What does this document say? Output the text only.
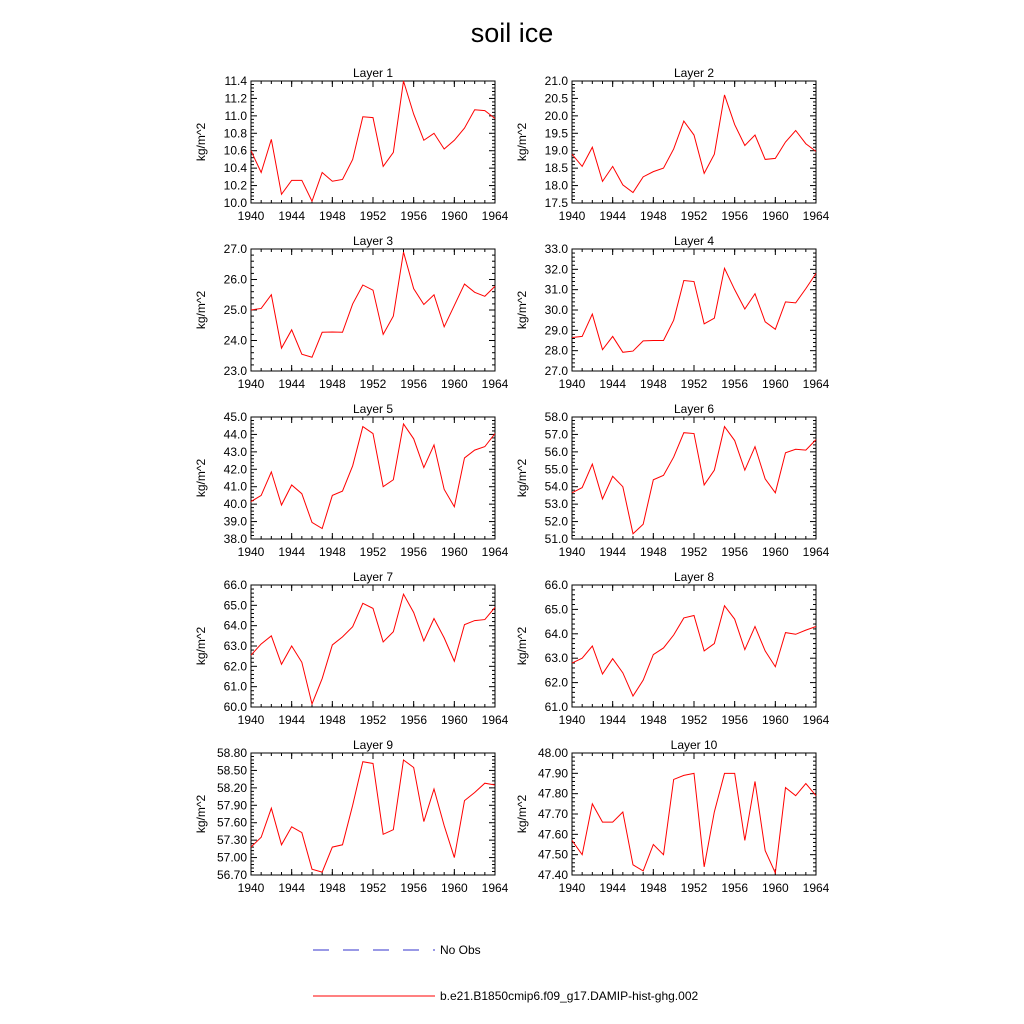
soil ice
Layer 1
kg/m^2
1940 1944 1948 1952 1956 1960 1964
10.0
10.2
10.4
10.6
10.8
11.0
11.2
11.4
Layer 2
kg/m^2
1940 1944 1948 1952 1956 1960 1964
17.5
18.0
18.5
19.0
19.5
20.0
20.5
21.0
Layer 3
kg/m^2
1940 1944 1948 1952 1956 1960 1964
23.0
24.0
25.0
26.0
27.0
Layer 4
kg/m^2
1940 1944 1948 1952 1956 1960 1964
27.0
28.0
29.0
30.0
31.0
32.0
33.0
Layer 5
kg/m^2
1940 1944 1948 1952 1956 1960 1964
38.0
39.0
40.0
41.0
42.0
43.0
44.0
45.0
Layer 6
kg/m^2
1940 1944 1948 1952 1956 1960 1964
51.0
52.0
53.0
54.0
55.0
56.0
57.0
58.0
Layer 7
kg/m^2
1940 1944 1948 1952 1956 1960 1964
60.0
61.0
62.0
63.0
64.0
65.0
66.0
Layer 8
kg/m^2
1940 1944 1948 1952 1956 1960 1964
61.0
62.0
63.0
64.0
65.0
66.0
Layer 9
kg/m^2
1940 1944 1948 1952 1956 1960 1964
56.70
57.00
57.30
57.60
57.90
58.20
58.50
58.80
Layer 10
kg/m^2
1940 1944 1948 1952 1956 1960 1964
47.40
47.50
47.60
47.70
47.80
47.90
48.00
No Obs
b.e21.B1850cmip6.f09_g17.DAMIP-hist-ghg.002
